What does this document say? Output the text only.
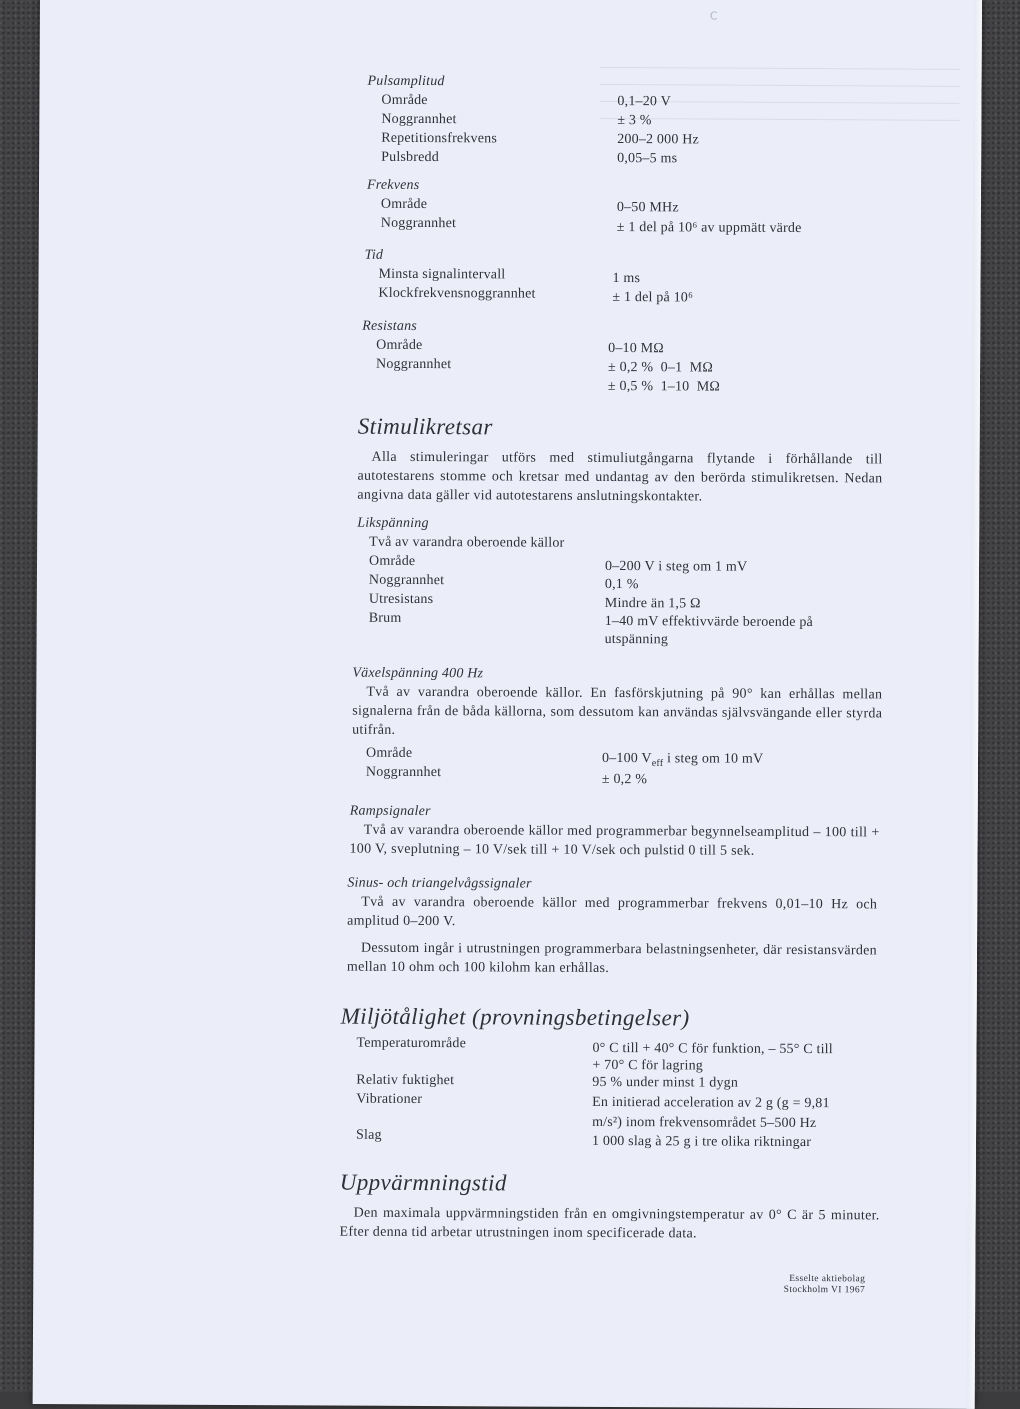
C
Pulsamplitud
Område	0,1–20 V
Noggrannhet	± 3 %
Repetitionsfrekvens	200–2 000 Hz
Pulsbredd	0,05–5 ms
Frekvens
Område	0–50 MHz
Noggrannhet	± 1 del på 10⁶ av uppmätt värde
Tid
Minsta signalintervall	1 ms
Klockfrekvensnoggrannhet	± 1 del på 10⁶
Resistans
Område	0–10 MΩ
Noggrannhet	± 0,2 %  0–1  MΩ
± 0,5 %  1–10  MΩ
Stimulikretsar
Alla stimuleringar utförs med stimuliutgångarna flytande i förhållande till autotestarens stomme och kretsar med undantag av den berörda stimulikretsen. Nedan angivna data gäller vid autotestarens anslutningskontakter.
Likspänning
Två av varandra oberoende källor
Område	0–200 V i steg om 1 mV
Noggrannhet	0,1 %
Utresistans	Mindre än 1,5 Ω
Brum	1–40 mV effektivvärde beroende på
utspänning
Växelspänning 400 Hz
Två av varandra oberoende källor. En fasförskjutning på 90° kan erhållas mellan signalerna från de båda källorna, som dessutom kan användas självsvängande eller styrda utifrån.
Område	0–100 $V_{eff}$ i steg om 10 mV
Noggrannhet	± 0,2 %
Rampsignaler
Två av varandra oberoende källor med programmerbar begynnelseamplitud – 100 till + 100 V, sveplutning – 10 V/sek till + 10 V/sek och pulstid 0 till 5 sek.
Sinus- och triangelvågssignaler
Två av varandra oberoende källor med programmerbar frekvens 0,01–10 Hz och amplitud 0–200 V.
Dessutom ingår i utrustningen programmerbara belastningsenheter, där resistansvärden mellan 10 ohm och 100 kilohm kan erhållas.
Miljötålighet (provningsbetingelser)
Temperaturområde	0° C till + 40° C för funktion, – 55° C till
+ 70° C för lagring
Relativ fuktighet	95 % under minst 1 dygn
Vibrationer	En initierad acceleration av 2 g (g = 9,81
m/s²) inom frekvensområdet 5–500 Hz
Slag	1 000 slag à 25 g i tre olika riktningar
Uppvärmningstid
Den maximala uppvärmningstiden från en omgivningstemperatur av 0° C är 5 minuter. Efter denna tid arbetar utrustningen inom specificerade data.
Esselte aktiebolag
Stockholm VI 1967
